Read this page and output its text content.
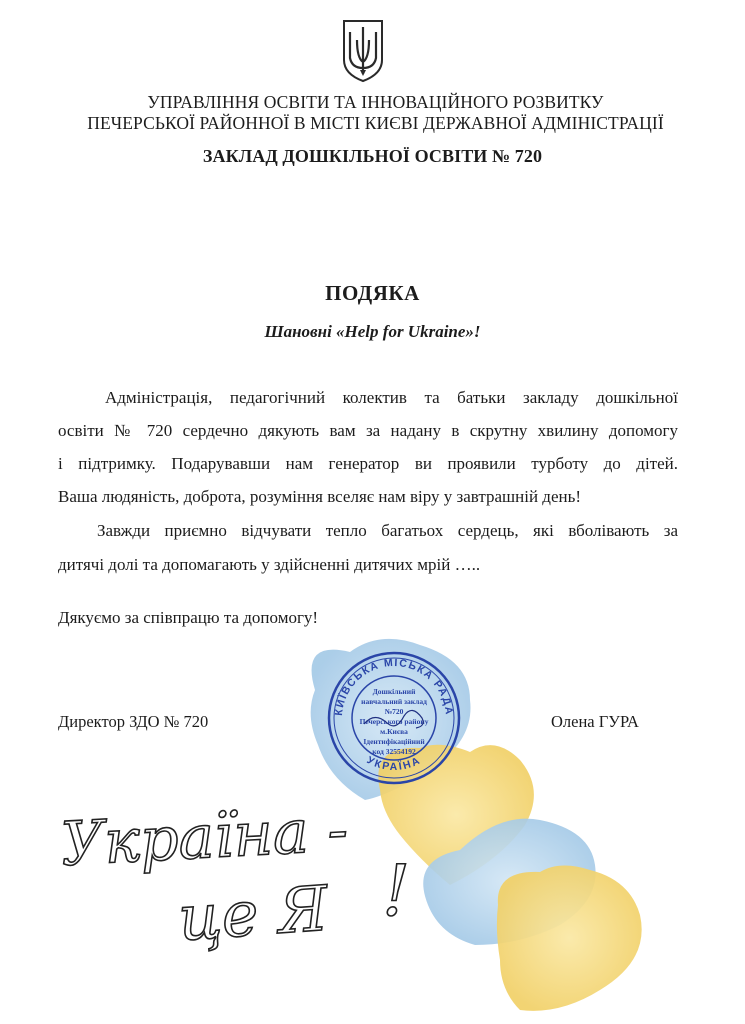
УПРАВЛІННЯ ОСВІТИ ТА ІННОВАЦІЙНОГО РОЗВИТКУ
ПЕЧЕРСЬКОЇ РАЙОННОЇ В МІСТІ КИЄВІ ДЕРЖАВНОЇ АДМІНІСТРАЦІЇ
ЗАКЛАД ДОШКІЛЬНОЇ ОСВІТИ № 720
ПОДЯКА
Шановні «Help for Ukraine»!
КИЇВСЬКА МІСЬКА РАДА
УКРАЇНА
Дошкільний
навчальний заклад
№720
Печерського району
м.Києва
Ідентифікаційний
код 32554192
Україна -
це Я !
Адміністрація, педагогічний колектив та батьки закладу дошкільної
освіти № 720 сердечно дякують вам за надану в скрутну хвилину допомогу
і підтримку. Подарувавши нам генератор ви проявили турботу до дітей.
Ваша людяність, доброта, розуміння вселяє нам віру у завтрашній день!
Завжди приємно відчувати тепло багатьох сердець, які вболівають за
дитячі долі та допомагають у здійсненні дитячих мрій …..
Дякуємо за співпрацю та допомогу!
Директор ЗДО № 720	Олена ГУРА
